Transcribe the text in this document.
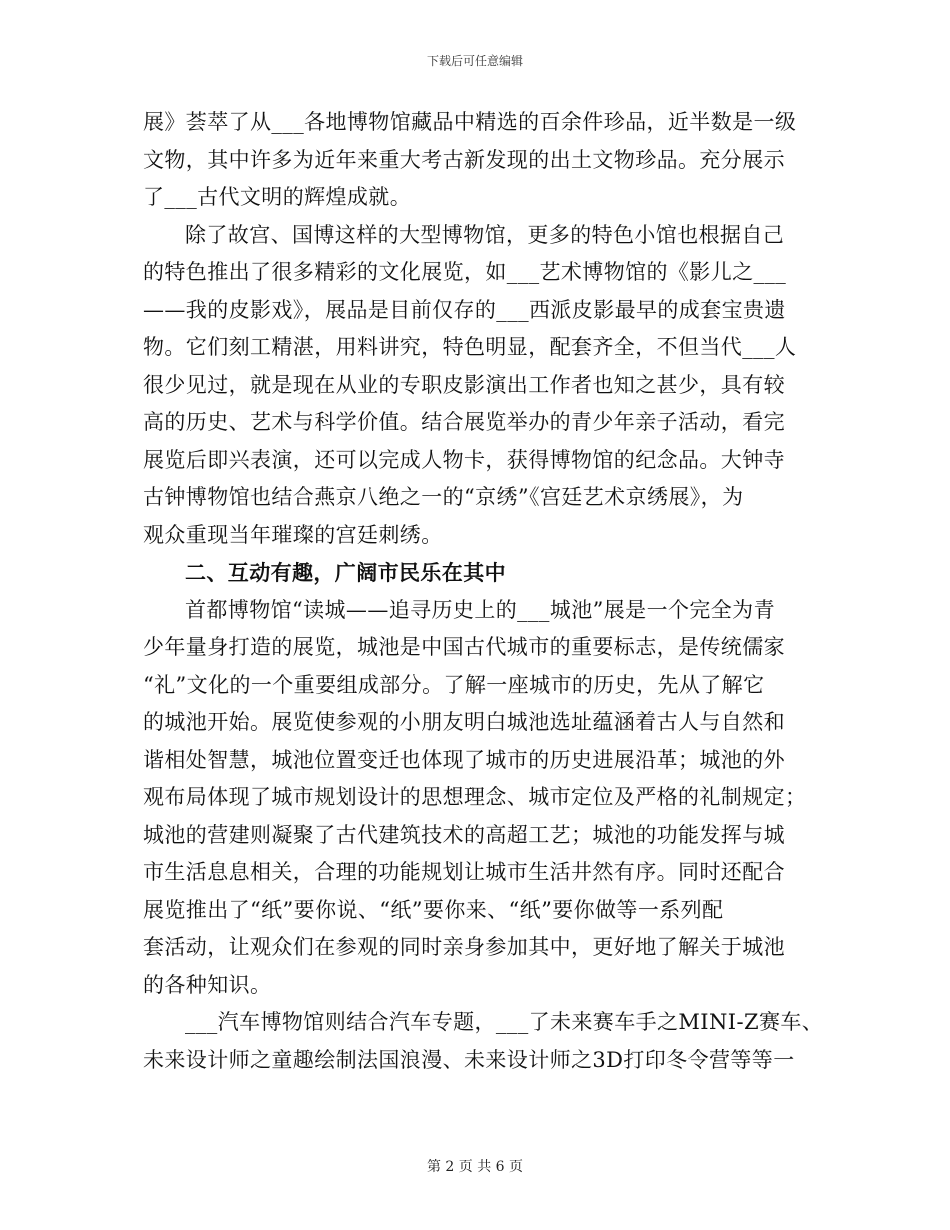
下载后可任意编辑
展》荟萃了从___各地博物馆藏品中精选的百余件珍品，近半数是一级
文物，其中许多为近年来重大考古新发现的出土文物珍品。充分展示
了___古代文明的辉煌成就。
除了故宫、国博这样的大型博物馆，更多的特色小馆也根据自己
的特色推出了很多精彩的文化展览，如___艺术博物馆的《影儿之___
——我的皮影戏》，展品是目前仅存的___西派皮影最早的成套宝贵遗
物。它们刻工精湛，用料讲究，特色明显，配套齐全，不但当代___人
很少见过，就是现在从业的专职皮影演出工作者也知之甚少，具有较
高的历史、艺术与科学价值。结合展览举办的青少年亲子活动，看完
展览后即兴表演，还可以完成人物卡，获得博物馆的纪念品。大钟寺
古钟博物馆也结合燕京八绝之一的“京绣”《宫廷艺术京绣展》，为
观众重现当年璀璨的宫廷刺绣。
二、互动有趣，广阔市民乐在其中
首都博物馆“读城——追寻历史上的___城池”展是一个完全为青
少年量身打造的展览，城池是中国古代城市的重要标志，是传统儒家
“礼”文化的一个重要组成部分。了解一座城市的历史，先从了解它
的城池开始。展览使参观的小朋友明白城池选址蕴涵着古人与自然和
谐相处智慧，城池位置变迁也体现了城市的历史进展沿革；城池的外
观布局体现了城市规划设计的思想理念、城市定位及严格的礼制规定；
城池的营建则凝聚了古代建筑技术的高超工艺；城池的功能发挥与城
市生活息息相关，合理的功能规划让城市生活井然有序。同时还配合
展览推出了“纸”要你说、“纸”要你来、“纸”要你做等一系列配
套活动，让观众们在参观的同时亲身参加其中，更好地了解关于城池
的各种知识。
___汽车博物馆则结合汽车专题，___了未来赛车手之MINI-Z赛车、
未来设计师之童趣绘制法国浪漫、未来设计师之3D打印冬令营等等一
第 2 页 共 6 页
